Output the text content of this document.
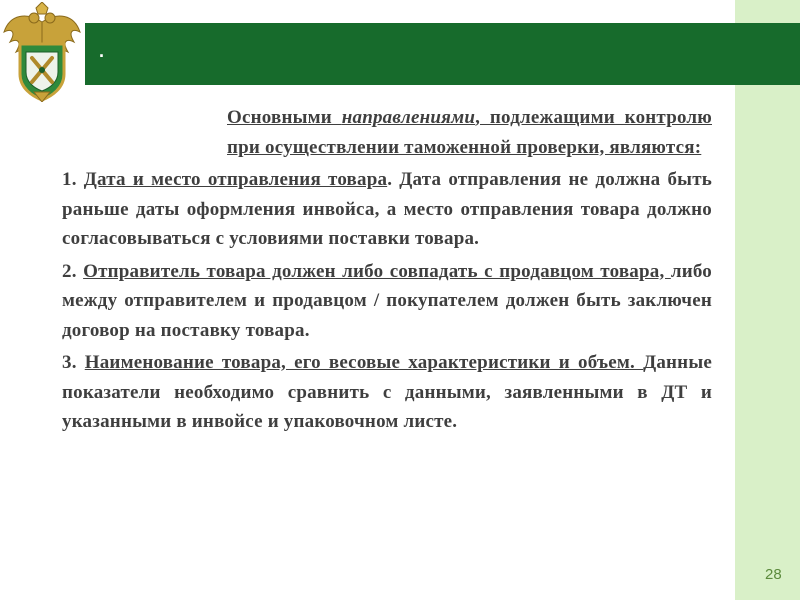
.

Основными направлениями, подлежащими контролю при осуществлении таможенной проверки, являются:

1. Дата и место отправления товара. Дата отправления не должна быть раньше даты оформления инвойса, а место отправления товара должно согласовываться с условиями поставки товара.

2. Отправитель товара должен либо совпадать с продавцом товара, либо между отправителем и продавцом / покупателем должен быть заключен договор на поставку товара.

3. Наименование товара, его весовые характеристики и объем. Данные показатели необходимо сравнить с данными, заявленными в ДТ и указанными в инвойсе и упаковочном листе.

28
